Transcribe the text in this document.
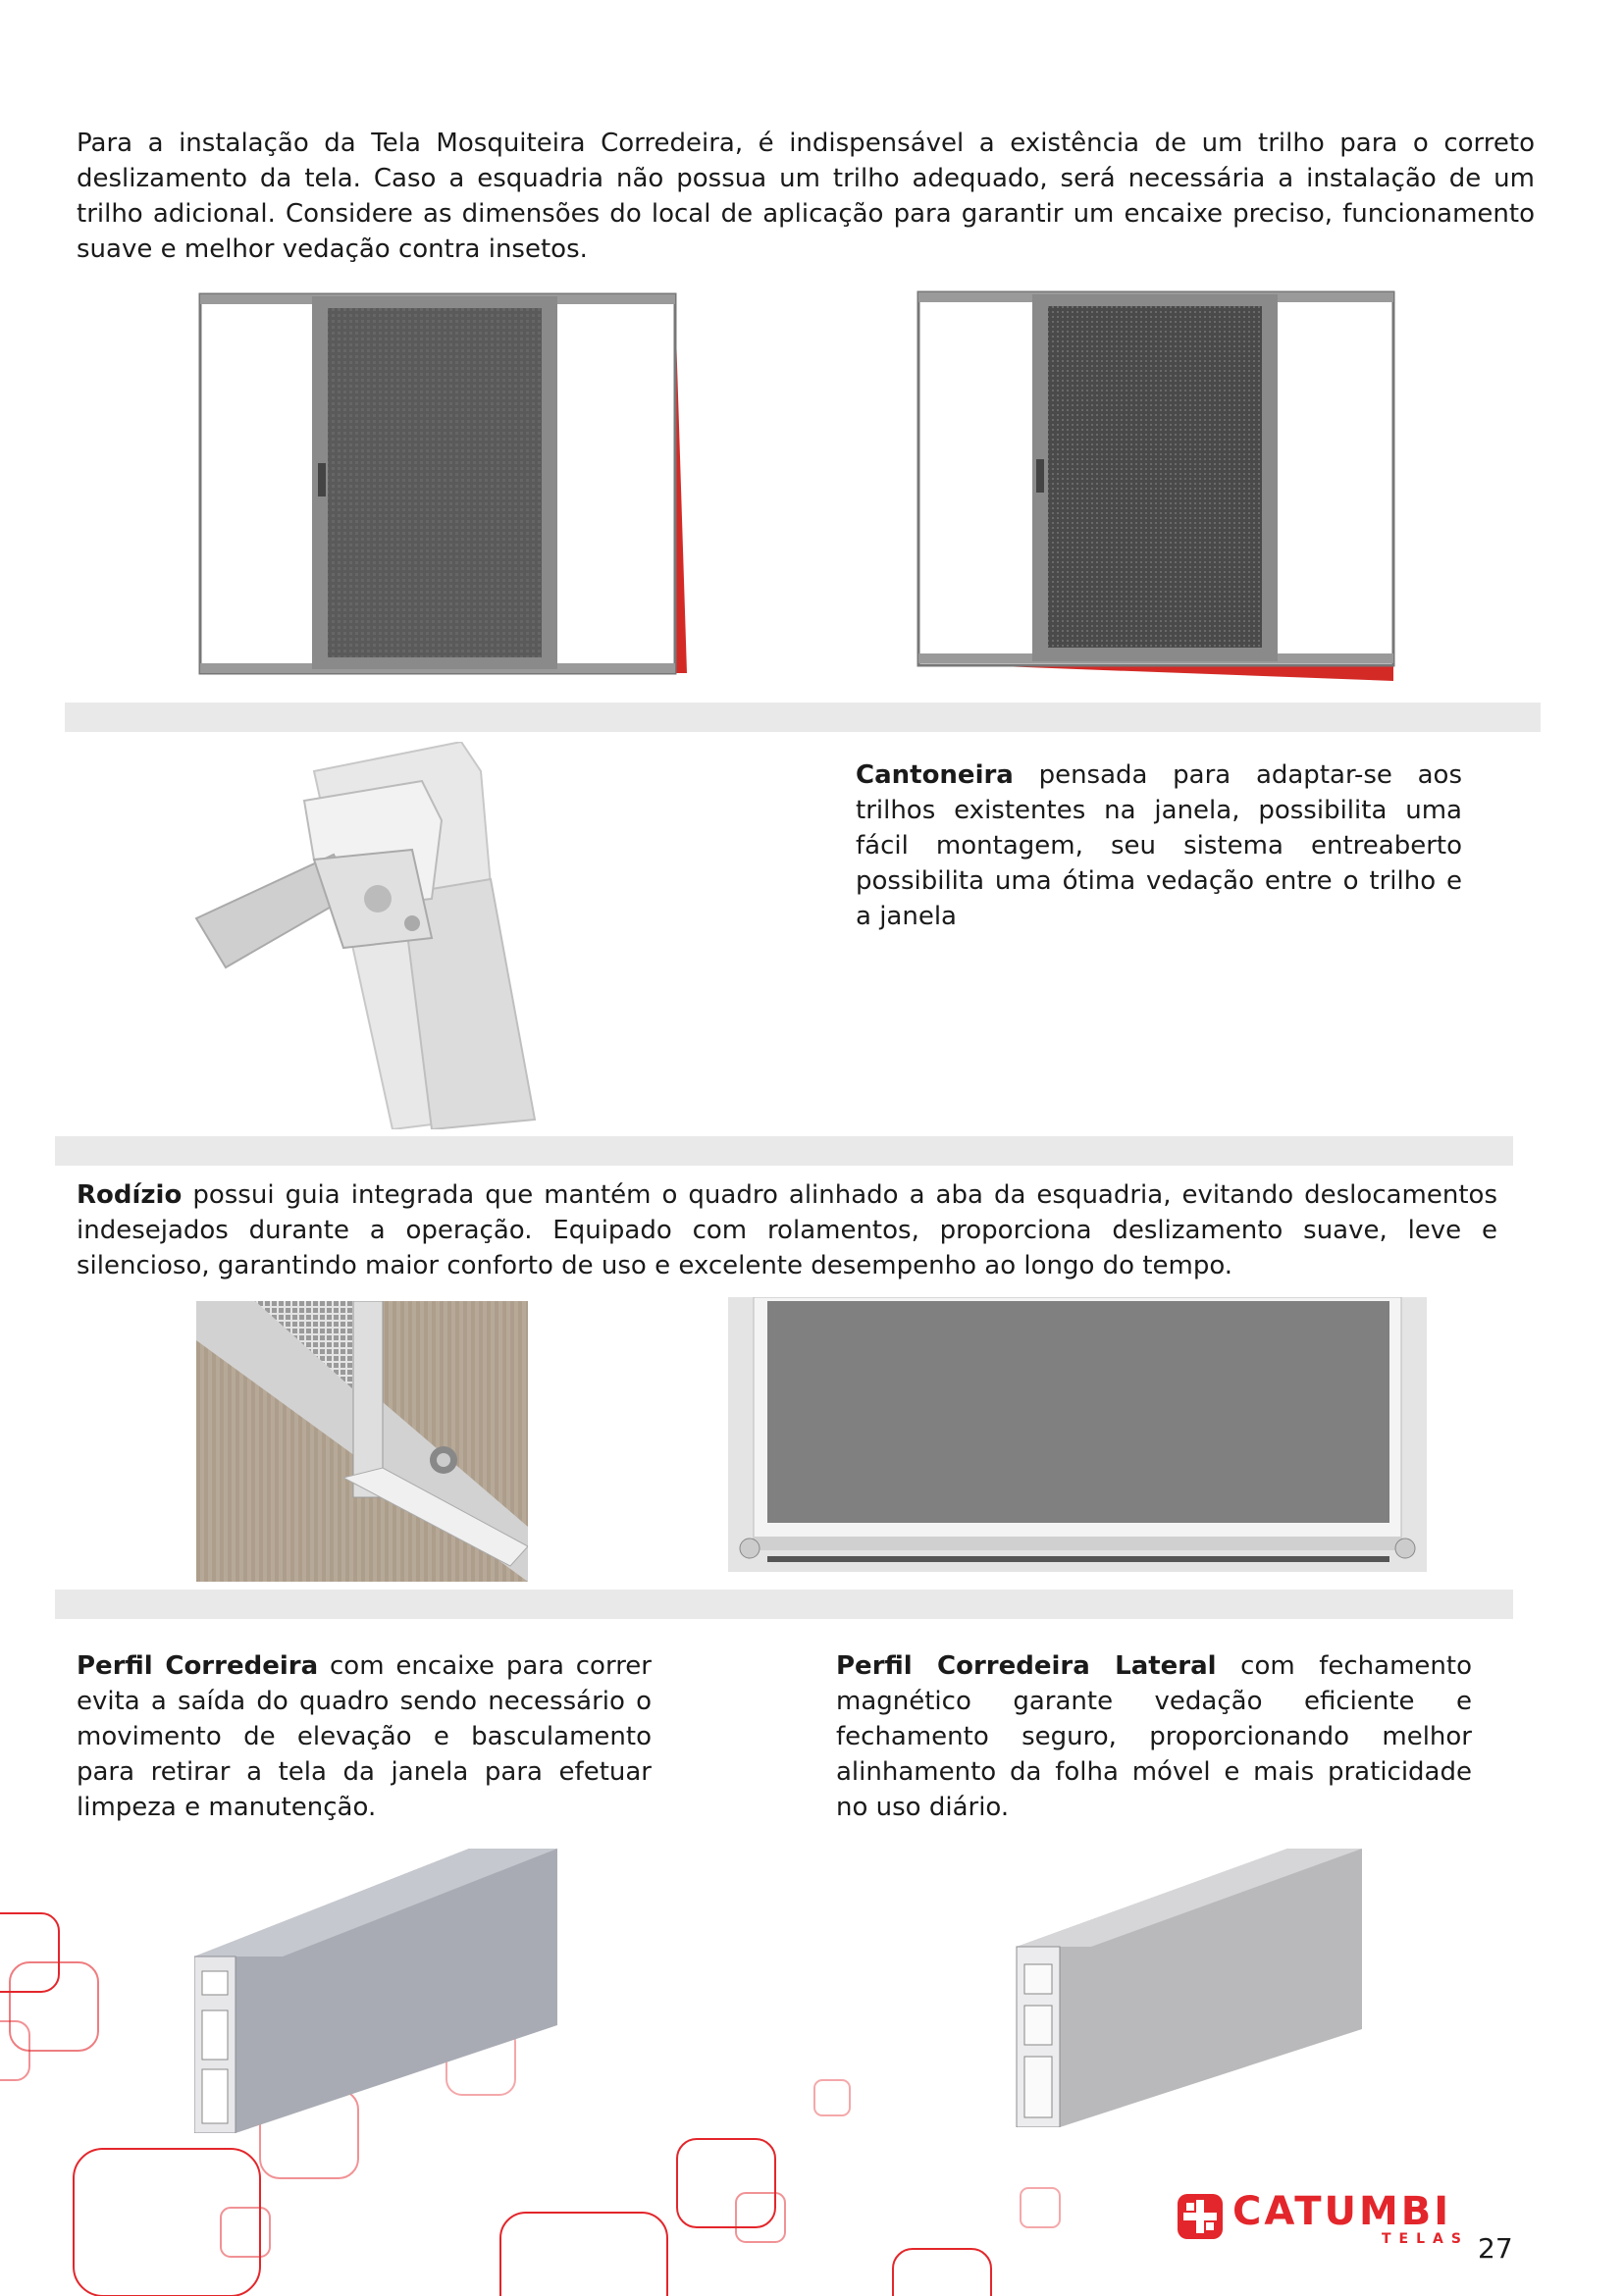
Para a instalação da Tela Mosquiteira Corredeira, é indispensável a existência de um trilho para o correto deslizamento da tela. Caso a esquadria não possua um trilho adequado, será necessária a instalação de um trilho adicional. Considere as dimensões do local de aplicação para garantir um encaixe preciso, funcionamento suave e melhor vedação contra insetos.

Cantoneira pensada para adaptar-se aos trilhos existentes na janela, possibilita uma fácil montagem, seu sistema entreaberto possibilita uma ótima vedação entre o trilho e a janela

Rodízio possui guia integrada que mantém o quadro alinhado a aba da esquadria, evitando deslocamentos indesejados durante a operação. Equipado com rolamentos, proporciona deslizamento suave, leve e silencioso, garantindo maior conforto de uso e excelente desempenho ao longo do tempo.

Perfil Corredeira com encaixe para correr evita a saída do quadro sendo necessário o movimento de elevação e basculamento para retirar a tela da janela para efetuar limpeza e manutenção.

Perfil Corredeira Lateral com fechamento magnético garante vedação eficiente e fechamento seguro, proporcionando melhor alinhamento da folha móvel e mais praticidade no uso diário.

CATUMBI
TELAS 27
